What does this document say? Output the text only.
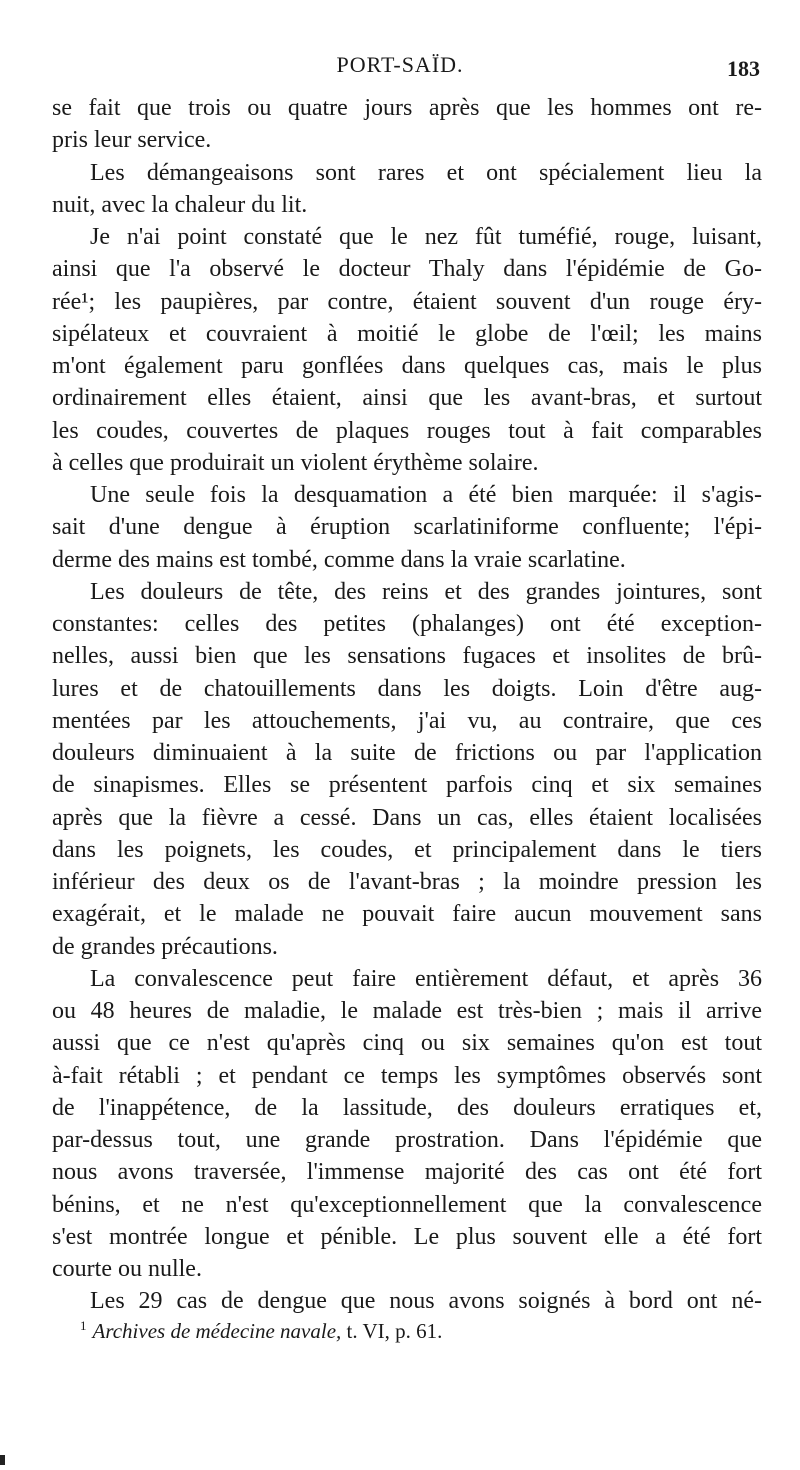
PORT-SAÏD.	183
se fait que trois ou quatre jours après que les hommes ont re-
pris leur service.
Les démangeaisons sont rares et ont spécialement lieu la
nuit, avec la chaleur du lit.
Je n'ai point constaté que le nez fût tuméfié, rouge, luisant,
ainsi que l'a observé le docteur Thaly dans l'épidémie de Go-
rée¹; les paupières, par contre, étaient souvent d'un rouge éry-
sipélateux et couvraient à moitié le globe de l'œil; les mains
m'ont également paru gonflées dans quelques cas, mais le plus
ordinairement elles étaient, ainsi que les avant-bras, et surtout
les coudes, couvertes de plaques rouges tout à fait comparables
à celles que produirait un violent érythème solaire.
Une seule fois la desquamation a été bien marquée: il s'agis-
sait d'une dengue à éruption scarlatiniforme confluente; l'épi-
derme des mains est tombé, comme dans la vraie scarlatine.
Les douleurs de tête, des reins et des grandes jointures, sont
constantes: celles des petites (phalanges) ont été exception-
nelles, aussi bien que les sensations fugaces et insolites de brû-
lures et de chatouillements dans les doigts. Loin d'être aug-
mentées par les attouchements, j'ai vu, au contraire, que ces
douleurs diminuaient à la suite de frictions ou par l'application
de sinapismes. Elles se présentent parfois cinq et six semaines
après que la fièvre a cessé. Dans un cas, elles étaient localisées
dans les poignets, les coudes, et principalement dans le tiers
inférieur des deux os de l'avant-bras ; la moindre pression les
exagérait, et le malade ne pouvait faire aucun mouvement sans
de grandes précautions.
La convalescence peut faire entièrement défaut, et après 36
ou 48 heures de maladie, le malade est très-bien ; mais il arrive
aussi que ce n'est qu'après cinq ou six semaines qu'on est tout
à-fait rétabli ; et pendant ce temps les symptômes observés sont
de l'inappétence, de la lassitude, des douleurs erratiques et,
par-dessus tout, une grande prostration. Dans l'épidémie que
nous avons traversée, l'immense majorité des cas ont été fort
bénins, et ne n'est qu'exceptionnellement que la convalescence
s'est montrée longue et pénible. Le plus souvent elle a été fort
courte ou nulle.
Les 29 cas de dengue que nous avons soignés à bord ont né-
$^1$ Archives de médecine navale, t. VI, p. 61.
